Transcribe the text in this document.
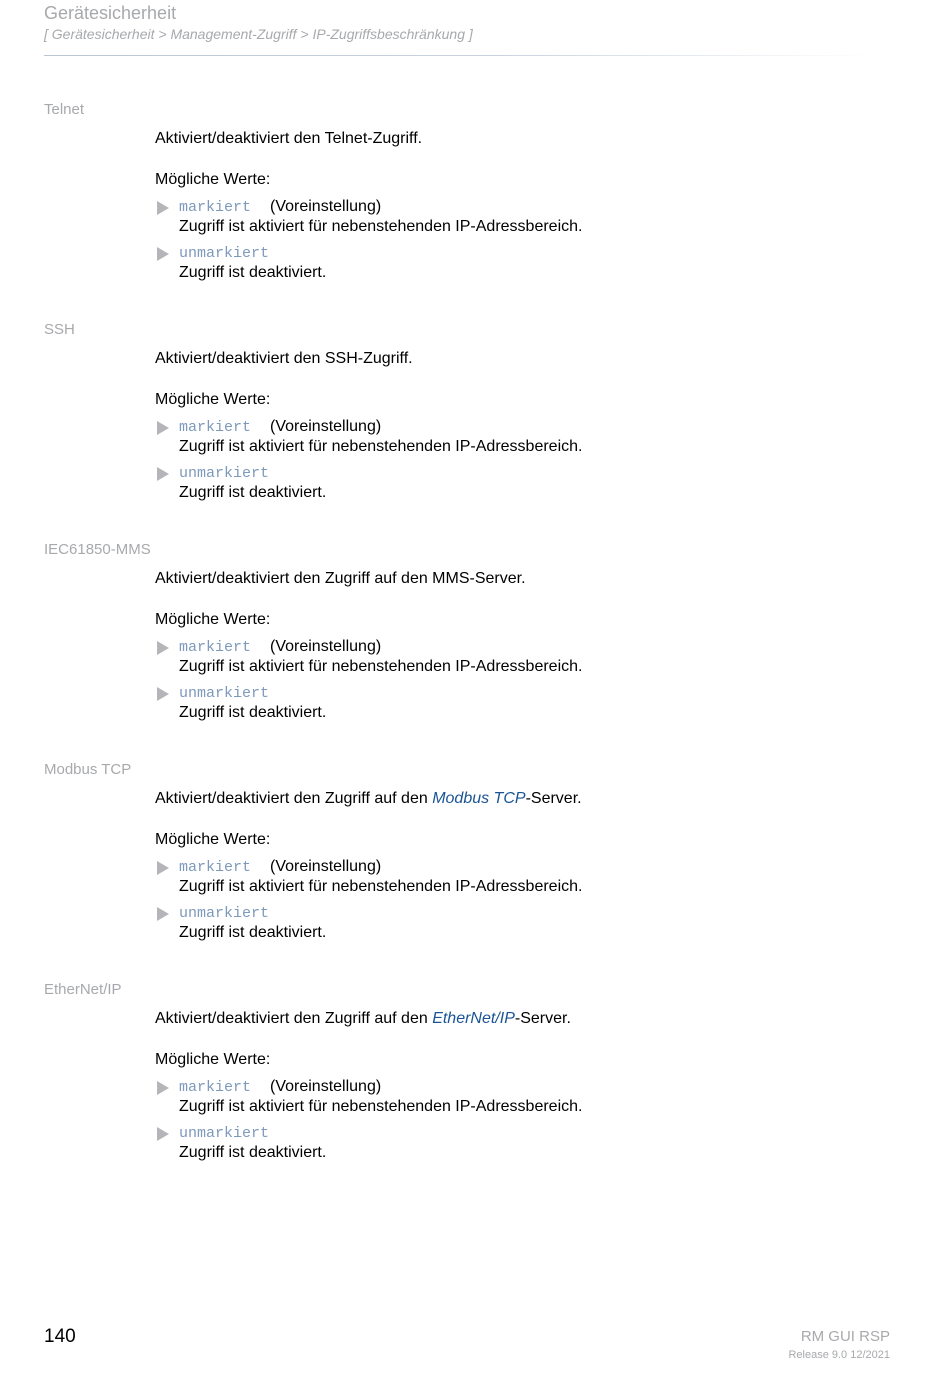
Gerätesicherheit
[ Gerätesicherheit > Management-Zugriff > IP-Zugriffsbeschränkung ]
Telnet
Aktiviert/deaktiviert den Telnet-Zugriff.
Mögliche Werte:
markiert (Voreinstellung)
Zugriff ist aktiviert für nebenstehenden IP-Adressbereich.
unmarkiert
Zugriff ist deaktiviert.
SSH
Aktiviert/deaktiviert den SSH-Zugriff.
Mögliche Werte:
markiert (Voreinstellung)
Zugriff ist aktiviert für nebenstehenden IP-Adressbereich.
unmarkiert
Zugriff ist deaktiviert.
IEC61850-MMS
Aktiviert/deaktiviert den Zugriff auf den MMS-Server.
Mögliche Werte:
markiert (Voreinstellung)
Zugriff ist aktiviert für nebenstehenden IP-Adressbereich.
unmarkiert
Zugriff ist deaktiviert.
Modbus TCP
Aktiviert/deaktiviert den Zugriff auf den Modbus TCP-Server.
Mögliche Werte:
markiert (Voreinstellung)
Zugriff ist aktiviert für nebenstehenden IP-Adressbereich.
unmarkiert
Zugriff ist deaktiviert.
EtherNet/IP
Aktiviert/deaktiviert den Zugriff auf den EtherNet/IP-Server.
Mögliche Werte:
markiert (Voreinstellung)
Zugriff ist aktiviert für nebenstehenden IP-Adressbereich.
unmarkiert
Zugriff ist deaktiviert.
140	RM GUI RSP
Release 9.0 12/2021
